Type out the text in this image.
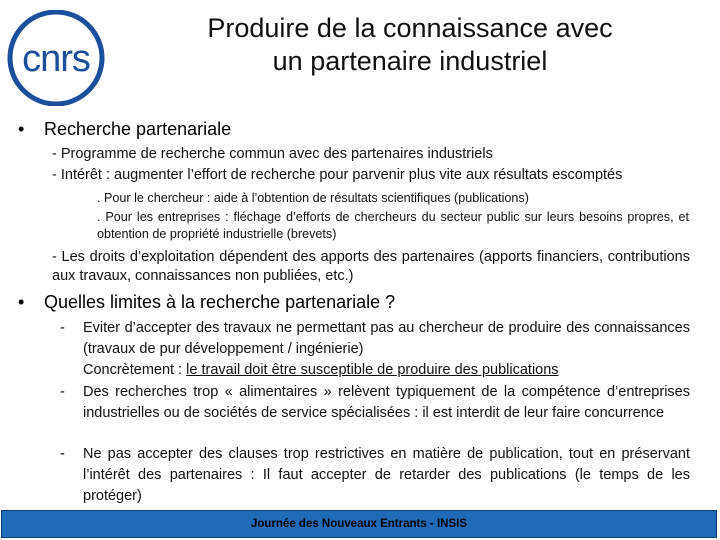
cnrs
Produire de la connaissance avec
un partenaire industriel
• Recherche partenariale
- Programme de recherche commun avec des partenaires industriels
- Intérêt : augmenter l’effort de recherche pour parvenir plus vite aux résultats escomptés
. Pour le chercheur : aide à l’obtention de résultats scientifiques (publications)
. Pour les entreprises : fléchage d’efforts de chercheurs du secteur public sur leurs besoins propres, et obtention de propriété industrielle (brevets)
- Les droits d’exploitation dépendent des apports des partenaires (apports financiers, contributions aux travaux, connaissances non publiées, etc.)
• Quelles limites à la recherche partenariale ?
- Eviter d’accepter des travaux ne permettant pas au chercheur de produire des connaissances (travaux de pur développement / ingénierie)
Concrètement : le travail doit être susceptible de produire des publications
- Des recherches trop « alimentaires » relèvent typiquement de la compétence d’entreprises industrielles ou de sociétés de service spécialisées : il est interdit de leur faire concurrence
- Ne pas accepter des clauses trop restrictives en matière de publication, tout en préservant l’intérêt des partenaires : Il faut accepter de retarder des publications (le temps de les protéger)
Journée des Nouveaux Entrants - INSIS
